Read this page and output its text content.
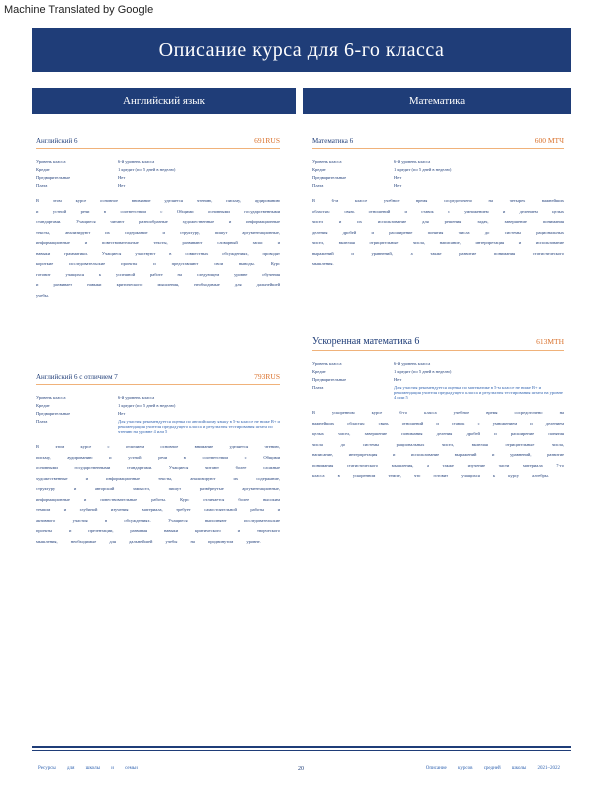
Machine Translated by Google
Описание курса для 6-го класса
Английский язык	Математика
Английский 6	691RUS
Уровень класса	6-й уровень класса
Кредит	1 кредит (по 5 дней в неделю)
Предварительные	Нет
Плата	Нет
В этом курсе основное внимание уделяется чтению, письму, аудированию и устной речи в соответствии с Общими основными государственными стандартами. Учащиеся читают разнообразные художественные и информационные тексты, анализируют их содержание и структуру, пишут аргументационные, информационные и повествовательные тексты, развивают словарный запас и навыки грамматики. Учащиеся участвуют в совместных обсуждениях, проводят короткие исследовательские проекты и представляют свои выводы. Курс готовит учащихся к успешной работе на следующем уровне обучения и развивает навыки критического мышления, необходимые для дальнейшей учебы.
Английский 6 с отличием 7	793RUS
Уровень класса	6-й уровень класса
Кредит	1 кредит (по 5 дней в неделю)
Предварительные	Нет
Плата	Для участия рекомендуется оценка по английскому языку в 5-м классе не ниже B+ и рекомендация учителя предыдущего класса и результаты тестирования штата по чтению на уровне 4 или 5
В этом курсе с отличием основное внимание уделяется чтению, письму, аудированию и устной речи в соответствии с Общими основными государственными стандартами. Учащиеся читают более сложные художественные и информационные тексты, анализируют их содержание, структуру и авторский замысел, пишут развёрнутые аргументационные, информационные и повествовательные работы. Курс отличается более высоким темпом и глубиной изучения материала, требует самостоятельной работы и активного участия в обсуждениях. Учащиеся выполняют исследовательские проекты и презентации, развивая навыки критического и творческого мышления, необходимые для дальнейшей учебы на продвинутом уровне.
Математика 6	600 МТЧ
Уровень класса	6-й уровень класса
Кредит	1 кредит (по 5 дней в неделю)
Предварительные	Нет
Плата	Нет
В 6-м классе учебное время сосредоточено на четырех важнейших областях: связь отношений и ставок с умножением и делением целых чисел и их использование для решения задач, завершение понимания деления дробей и расширение понятия числа до системы рациональных чисел, включая отрицательные числа, написание, интерпретация и использование выражений и уравнений, а также развитие понимания статистического мышления.
Ускоренная математика 6	613MTH
Уровень класса	6-й уровень класса
Кредит	1 кредит (по 5 дней в неделю)
Предварительные	Нет
Плата	Для участия рекомендуется оценка по математике в 5-м классе не ниже B+ и рекомендация учителя предыдущего класса и результаты тестирования штата на уровне 4 или 5
В ускоренном курсе 6-го класса учебное время сосредоточено на важнейших областях: связь отношений и ставок с умножением и делением целых чисел, завершение понимания деления дробей и расширение понятия числа до системы рациональных чисел, включая отрицательные числа, написание, интерпретация и использование выражений и уравнений, развитие понимания статистического мышления, а также изучение части материала 7-го класса в ускоренном темпе, что готовит учащихся к курсу алгебры.
Ресурсы для школы и семьи	20	Описание курсов средней школы 2021–2022
